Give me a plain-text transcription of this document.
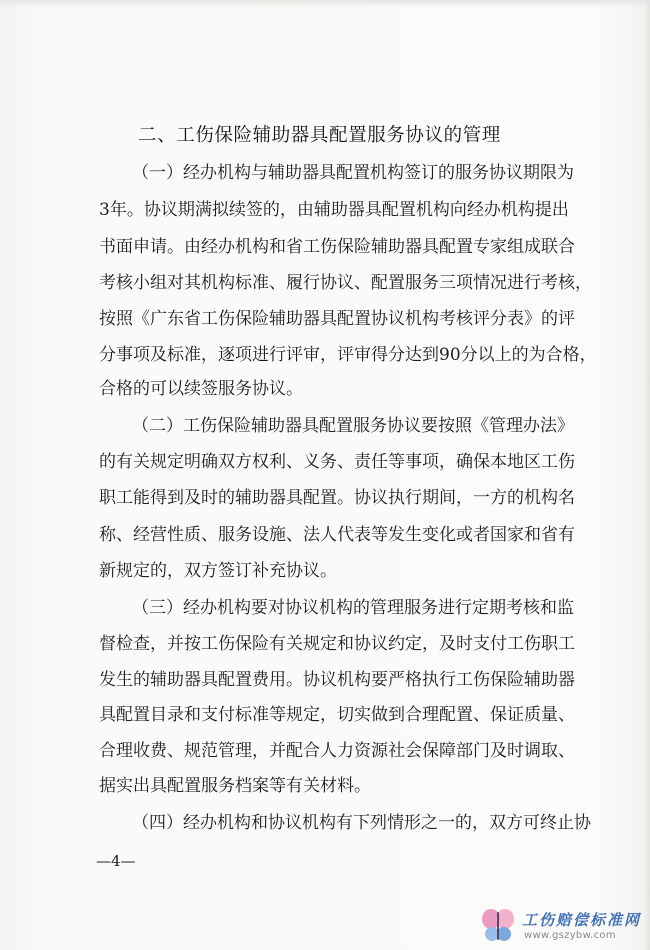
二、工伤保险辅助器具配置服务协议的管理
（一）经办机构与辅助器具配置机构签订的服务协议期限为
3年。协议期满拟续签的，由辅助器具配置机构向经办机构提出
书面申请。由经办机构和省工伤保险辅助器具配置专家组成联合
考核小组对其机构标准、履行协议、配置服务三项情况进行考核，
按照《广东省工伤保险辅助器具配置协议机构考核评分表》的评
分事项及标准，逐项进行评审，评审得分达到90分以上的为合格，
合格的可以续签服务协议。
（二）工伤保险辅助器具配置服务协议要按照《管理办法》
的有关规定明确双方权利、义务、责任等事项，确保本地区工伤
职工能得到及时的辅助器具配置。协议执行期间，一方的机构名
称、经营性质、服务设施、法人代表等发生变化或者国家和省有
新规定的，双方签订补充协议。
（三）经办机构要对协议机构的管理服务进行定期考核和监
督检查，并按工伤保险有关规定和协议约定，及时支付工伤职工
发生的辅助器具配置费用。协议机构要严格执行工伤保险辅助器
具配置目录和支付标准等规定，切实做到合理配置、保证质量、
合理收费、规范管理，并配合人力资源社会保障部门及时调取、
据实出具配置服务档案等有关材料。
（四）经办机构和协议机构有下列情形之一的，双方可终止协
—4—
工伤赔偿标准网
www.gszybw.com
